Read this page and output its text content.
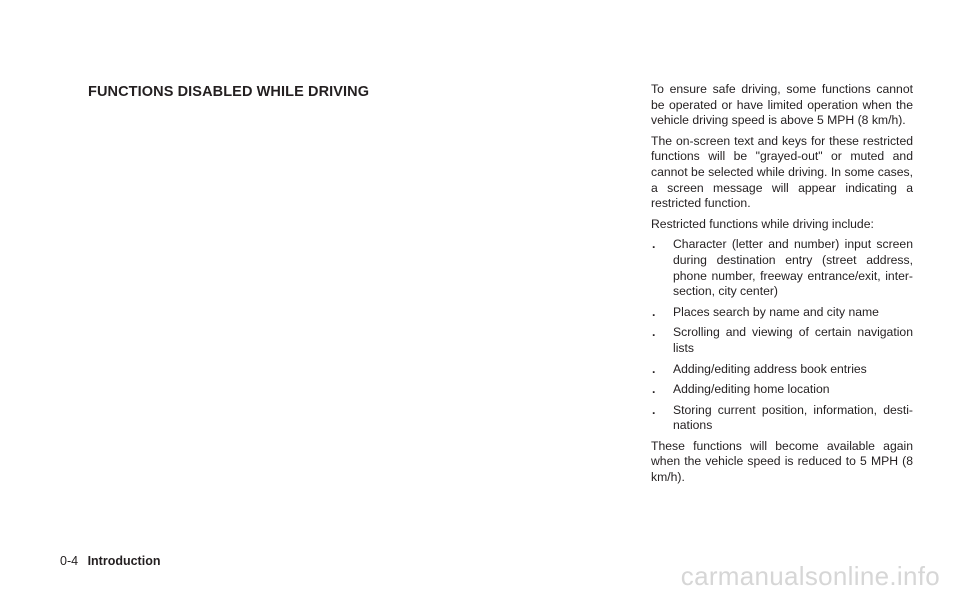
FUNCTIONS DISABLED WHILE DRIVING	To ensure safe driving, some functions cannot be operated or have limited operation when the vehicle driving speed is above 5 MPH (8 km/h).

The on-screen text and keys for these restricted functions will be "grayed-out" or muted and cannot be selected while driving. In some cases, a screen message will appear indicating a restricted function.

Restricted functions while driving include:

. Character (letter and number) input screen during destination entry (street address, phone number, freeway entrance/exit, inter-section, city center)
. Places search by name and city name
. Scrolling and viewing of certain navigation lists
. Adding/editing address book entries
. Adding/editing home location
. Storing current position, information, desti-nations

These functions will become available again when the vehicle speed is reduced to 5 MPH (8 km/h).

0-4 Introduction	carmanualsonline.info
